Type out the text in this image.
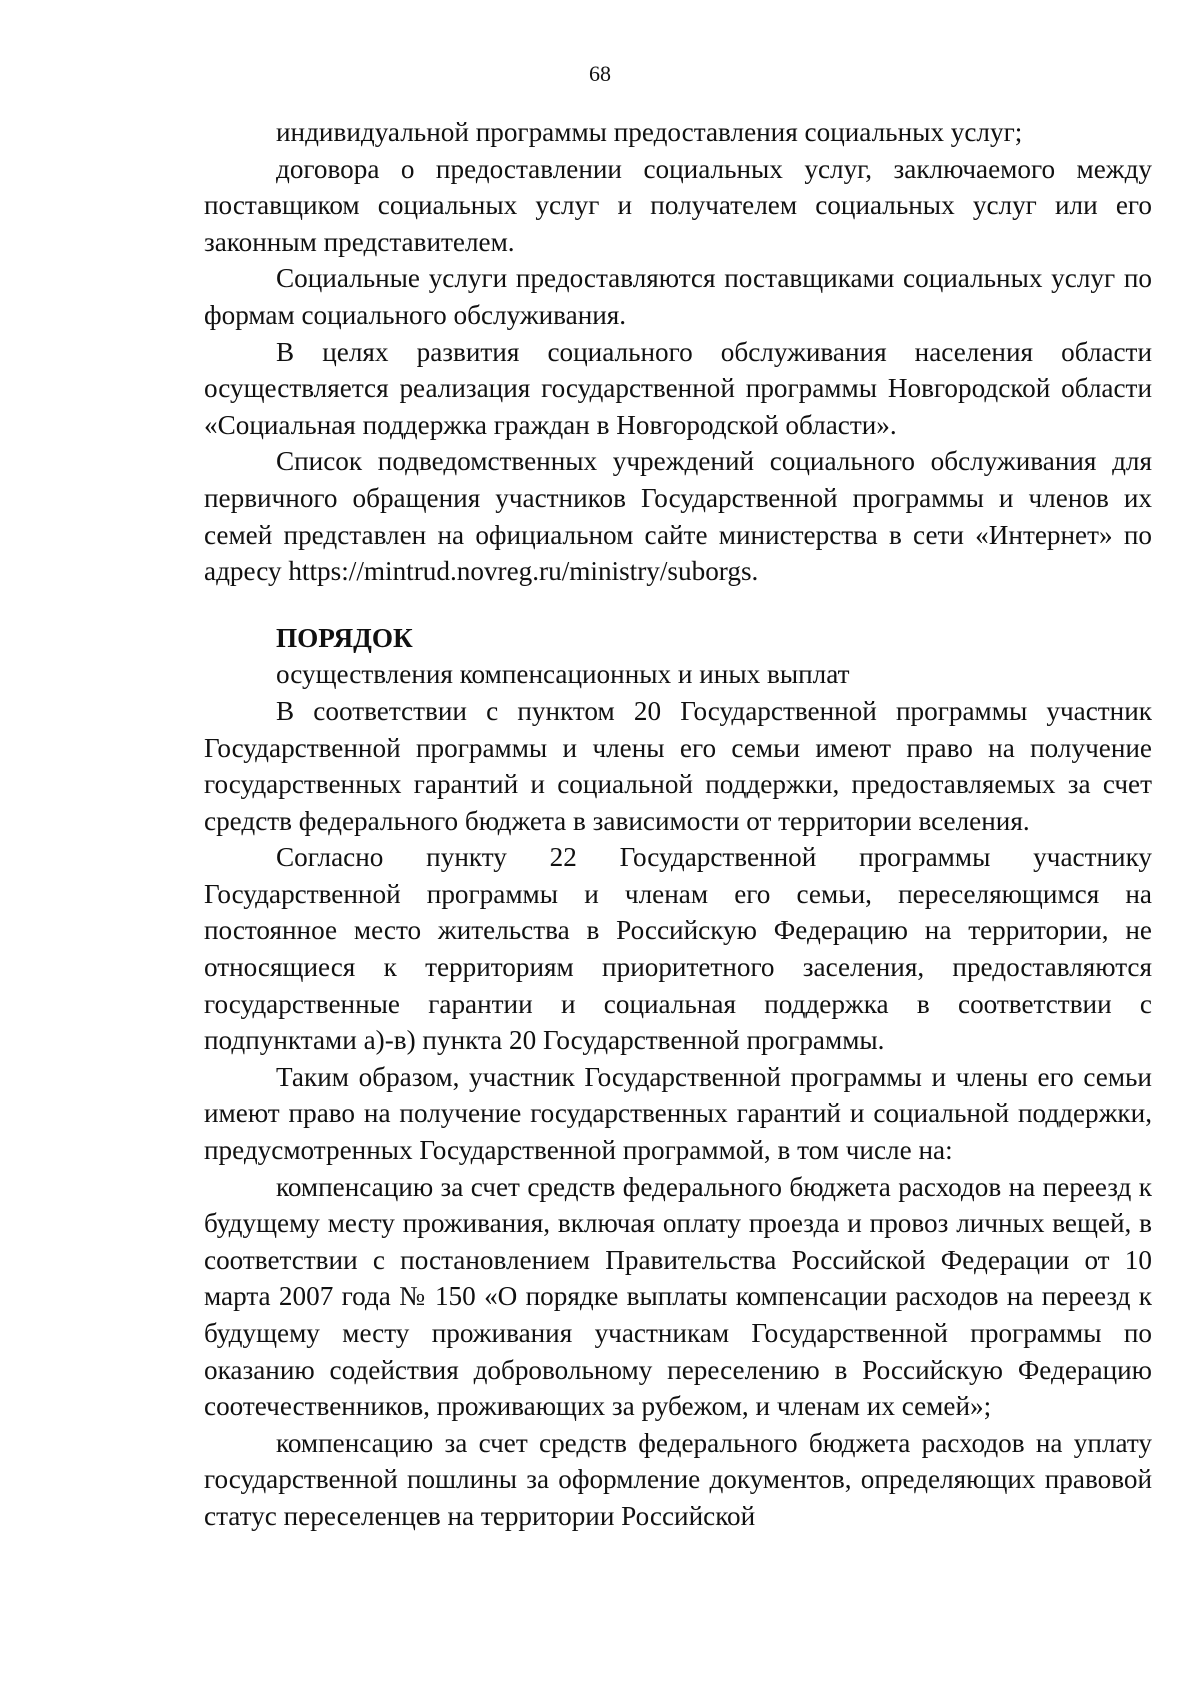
68

индивидуальной программы предоставления социальных услуг;

договора о предоставлении социальных услуг, заключаемого между поставщиком социальных услуг и получателем социальных услуг или его законным представителем.

Социальные услуги предоставляются поставщиками социальных услуг по формам социального обслуживания.

В целях развития социального обслуживания населения области осуществляется реализация государственной программы Новгородской области «Социальная поддержка граждан в Новгородской области».

Список подведомственных учреждений социального обслуживания для первичного обращения участников Государственной программы и членов их семей представлен на официальном сайте министерства в сети «Интернет» по адресу https://mintrud.novreg.ru/ministry/suborgs.

ПОРЯДОК

осуществления компенсационных и иных выплат

В соответствии с пунктом 20 Государственной программы участник Государственной программы и члены его семьи имеют право на получение государственных гарантий и социальной поддержки, предоставляемых за счет средств федерального бюджета в зависимости от территории вселения.

Согласно пункту 22 Государственной программы участнику Государственной программы и членам его семьи, переселяющимся на постоянное место жительства в Российскую Федерацию на территории, не относящиеся к территориям приоритетного заселения, предоставляются государственные гарантии и социальная поддержка в соответствии с подпунктами а)-в) пункта 20 Государственной программы.

Таким образом, участник Государственной программы и члены его семьи имеют право на получение государственных гарантий и социальной поддержки, предусмотренных Государственной программой, в том числе на:

компенсацию за счет средств федерального бюджета расходов на переезд к будущему месту проживания, включая оплату проезда и провоз личных вещей, в соответствии с постановлением Правительства Российской Федерации от 10 марта 2007 года № 150 «О порядке выплаты компенсации расходов на переезд к будущему месту проживания участникам Государственной программы по оказанию содействия добровольному переселению в Российскую Федерацию соотечественников, проживающих за рубежом, и членам их семей»;

компенсацию за счет средств федерального бюджета расходов на уплату государственной пошлины за оформление документов, определяющих правовой статус переселенцев на территории Российской
